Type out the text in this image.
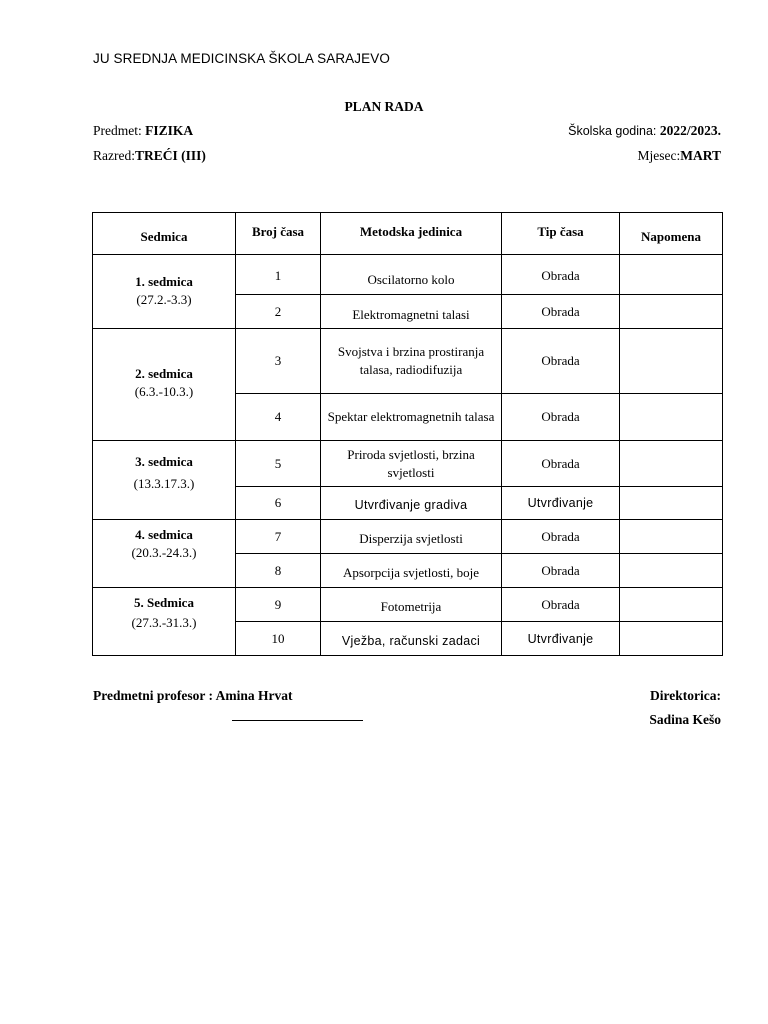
JU SREDNJA MEDICINSKA ŠKOLA SARAJEVO
PLAN RADA
Predmet: FIZIKA	Školska godina: 2022/2023.
Razred:TREĆI (III)	Mjesec:MART
Sedmica	Broj časa	Metodska jedinica	Tip časa	Napomena

1. sedmica
(27.2.-3.3)	1	Oscilatorno kolo	Obrada	
	2	Elektromagnetni talasi	Obrada	

2. sedmica
(6.3.-10.3.)	3	Svojstva i brzina prostiranja talasa, radiodifuzija	Obrada	
	4	Spektar elektromagnetnih talasa	Obrada	

3. sedmica
(13.3.17.3.)	5	Priroda svjetlosti, brzina svjetlosti	Obrada	
	6	Utvrđivanje gradiva	Utvrđivanje	

4. sedmica
(20.3.-24.3.)	7	Disperzija svjetlosti	Obrada	
	8	Apsorpcija svjetlosti, boje	Obrada	

5. Sedmica
(27.3.-31.3.)	9	Fotometrija	Obrada	
	10	Vježba, računski zadaci	Utvrđivanje	
Predmetni profesor : Amina Hrvat	Direktorica:
Sadina Kešo
